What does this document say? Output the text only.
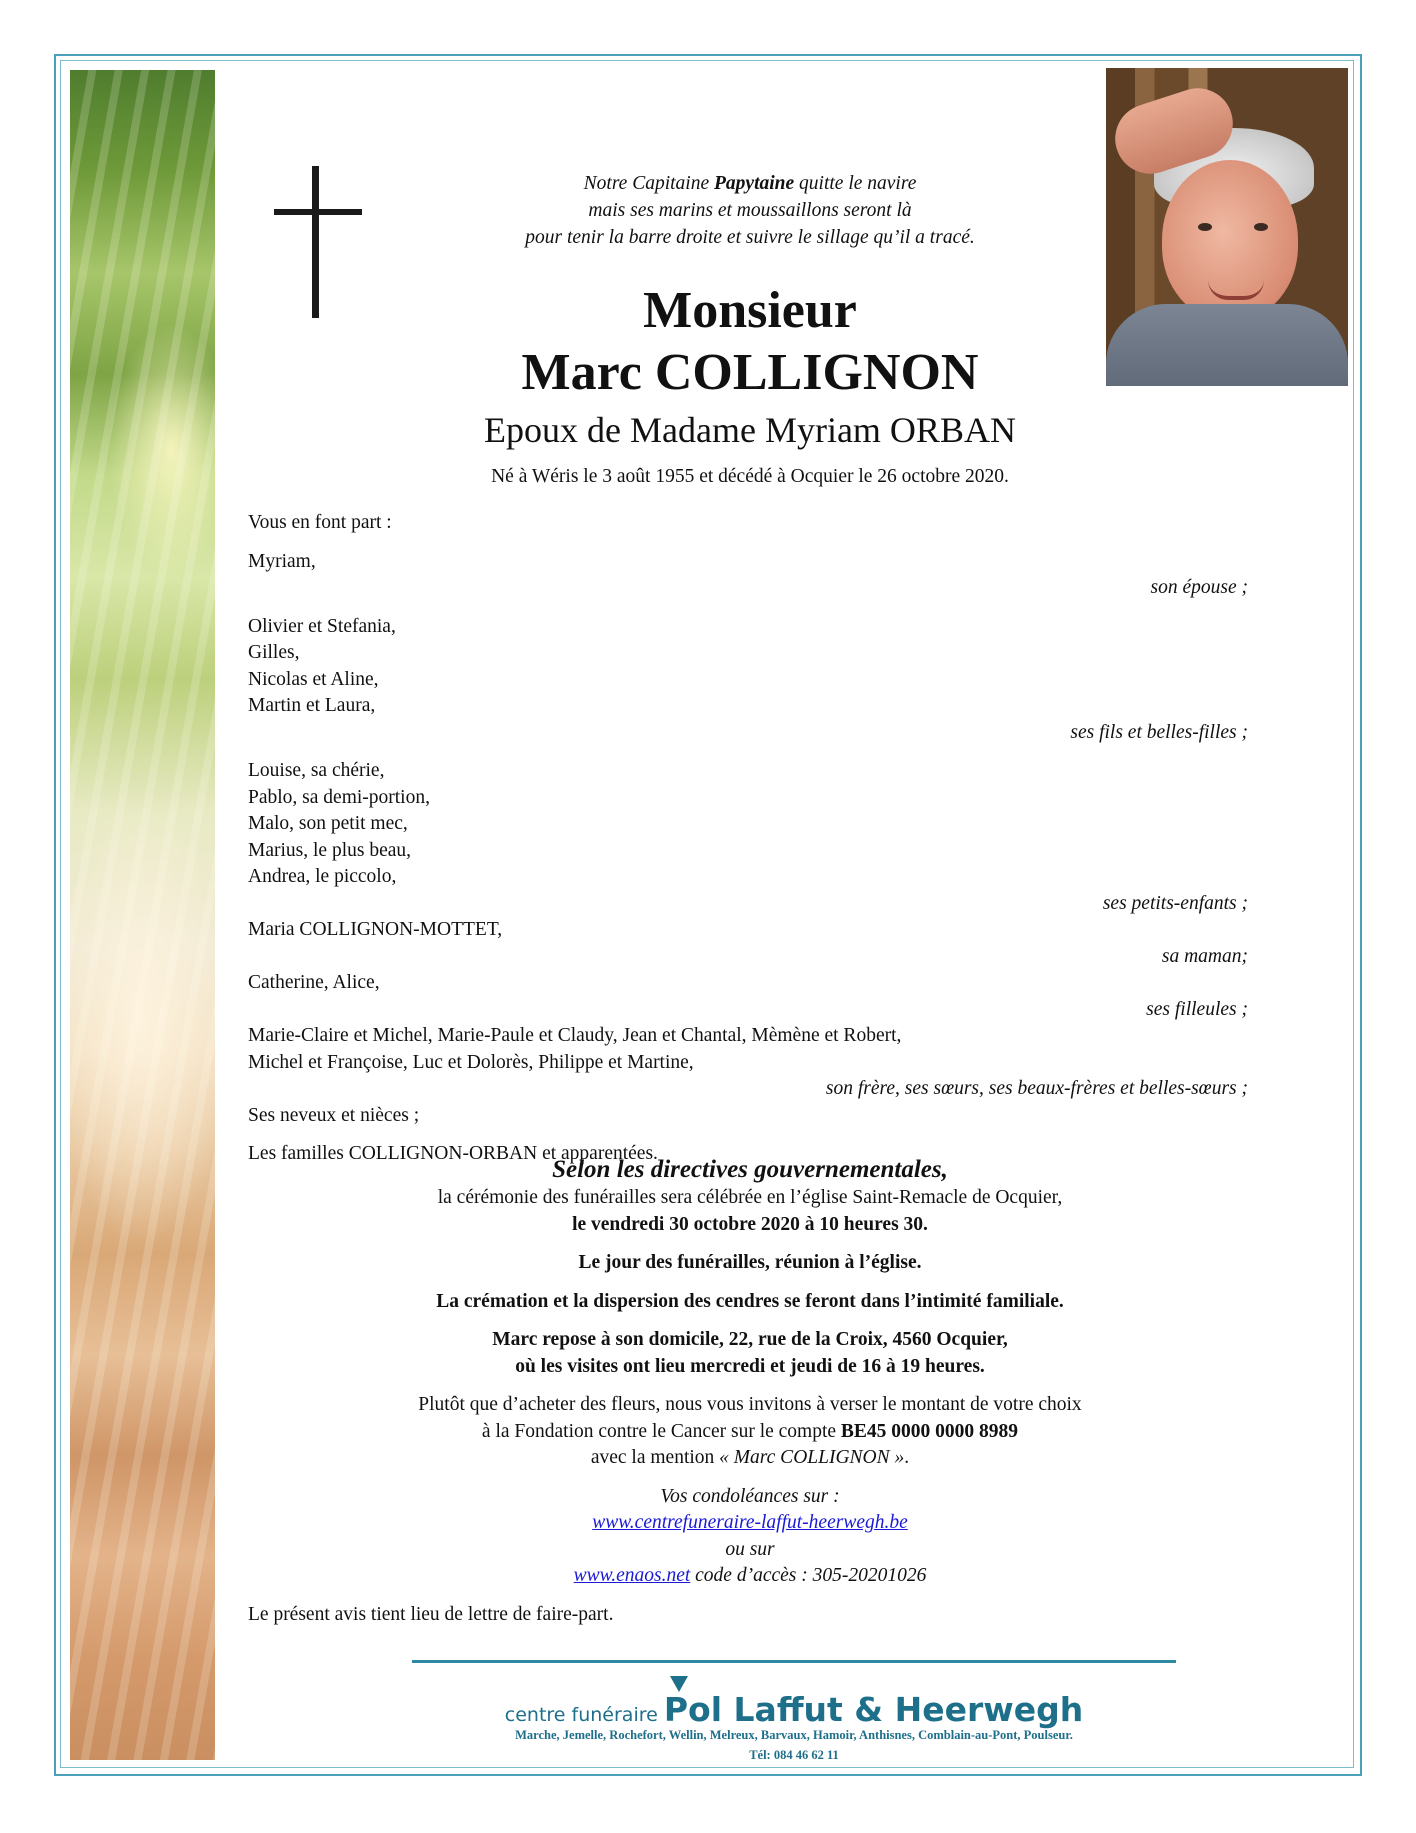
Notre Capitaine Papytaine quitte le navire
mais ses marins et moussaillons seront là
pour tenir la barre droite et suivre le sillage qu’il a tracé.
Monsieur
Marc COLLIGNON
Epoux de Madame Myriam ORBAN
Né à Wéris le 3 août 1955 et décédé à Ocquier le 26 octobre 2020.
Vous en font part :
Myriam,
son épouse ;
Olivier et Stefania,
Gilles,
Nicolas et Aline,
Martin et Laura,
ses fils et belles-filles ;
Louise, sa chérie,
Pablo, sa demi-portion,
Malo, son petit mec,
Marius, le plus beau,
Andrea, le piccolo,
ses petits-enfants ;
Maria COLLIGNON-MOTTET,
sa maman;
Catherine, Alice,
ses filleules ;
Marie-Claire et Michel, Marie-Paule et Claudy, Jean et Chantal, Mèmène et Robert,
Michel et Françoise, Luc et Dolorès, Philippe et Martine,
son frère, ses sœurs, ses beaux-frères et belles-sœurs ;
Ses neveux et nièces ;
Les familles COLLIGNON-ORBAN et apparentées.
Selon les directives gouvernementales,
la cérémonie des funérailles sera célébrée en l’église Saint-Remacle de Ocquier,
le vendredi 30 octobre 2020 à 10 heures 30.
Le jour des funérailles, réunion à l’église.
La crémation et la dispersion des cendres se feront dans l’intimité familiale.
Marc repose à son domicile, 22, rue de la Croix, 4560 Ocquier,
où les visites ont lieu mercredi et jeudi de 16 à 19 heures.
Plutôt que d’acheter des fleurs, nous vous invitons à verser le montant de votre choix
à la Fondation contre le Cancer sur le compte BE45 0000 0000 8989
avec la mention « Marc COLLIGNON ».
Vos condoléances sur :
www.centrefuneraire-laffut-heerwegh.be
ou sur
www.enaos.net code d’accès : 305-20201026
Le présent avis tient lieu de lettre de faire-part.
centre funéraire Pol Laffut & Heerwegh
Marche, Jemelle, Rochefort, Wellin, Melreux, Barvaux, Hamoir, Anthisnes, Comblain-au-Pont, Poulseur.
Tél: 084 46 62 11
